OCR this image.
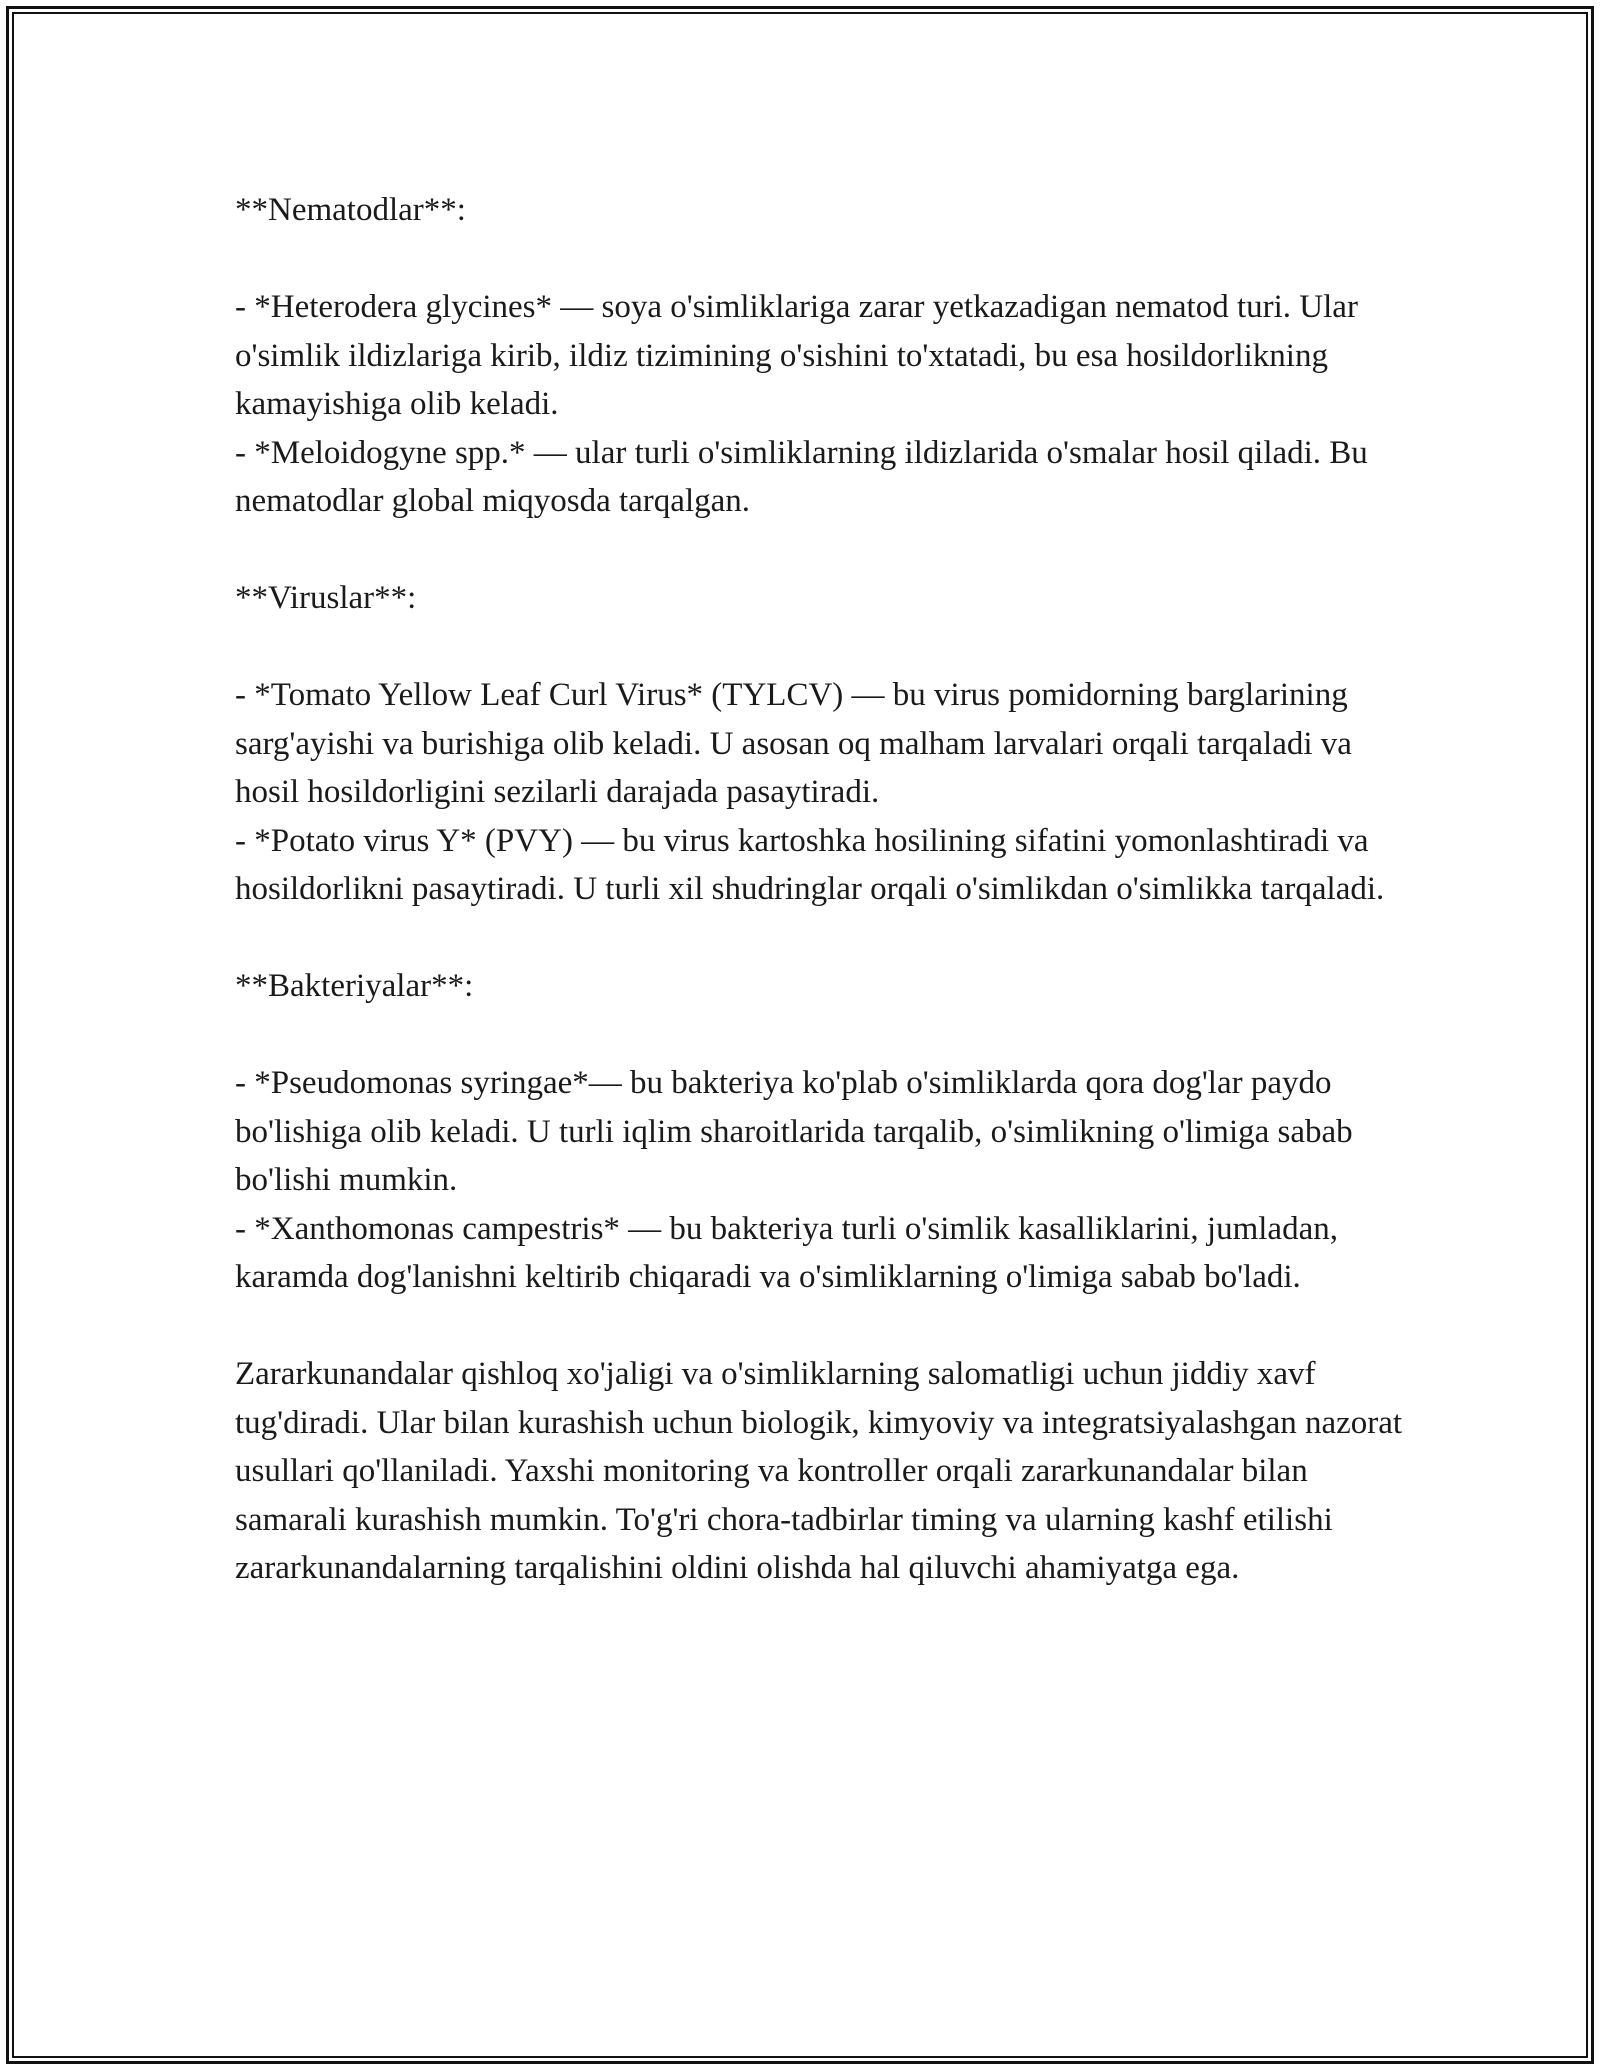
**Nematodlar**:

- *Heterodera glycines* — soya o'simliklariga zarar yetkazadigan nematod turi. Ular o'simlik ildizlariga kirib, ildiz tizimining o'sishini to'xtatadi, bu esa hosildorlikning kamayishiga olib keladi.

- *Meloidogyne spp.* — ular turli o'simliklarning ildizlarida o'smalar hosil qiladi. Bu nematodlar global miqyosda tarqalgan.

**Viruslar**:

- *Tomato Yellow Leaf Curl Virus* (TYLCV) — bu virus pomidorning barglarining sarg'ayishi va burishiga olib keladi. U asosan oq malham larvalari orqali tarqaladi va hosil hosildorligini sezilarli darajada pasaytiradi.

- *Potato virus Y* (PVY) — bu virus kartoshka hosilining sifatini yomonlashtiradi va hosildorlikni pasaytiradi. U turli xil shudringlar orqali o'simlikdan o'simlikka tarqaladi.

**Bakteriyalar**:

- *Pseudomonas syringae*— bu bakteriya ko'plab o'simliklarda qora dog'lar paydo bo'lishiga olib keladi. U turli iqlim sharoitlarida tarqalib, o'simlikning o'limiga sabab bo'lishi mumkin.

- *Xanthomonas campestris* — bu bakteriya turli o'simlik kasalliklarini, jumladan, karamda dog'lanishni keltirib chiqaradi va o'simliklarning o'limiga sabab bo'ladi.

Zararkunandalar qishloq xo'jaligi va o'simliklarning salomatligi uchun jiddiy xavf tug'diradi. Ular bilan kurashish uchun biologik, kimyoviy va integratsiyalashgan nazorat usullari qo'llaniladi. Yaxshi monitoring va kontroller orqali zararkunandalar bilan samarali kurashish mumkin. To'g'ri chora-tadbirlar timing va ularning kashf etilishi zararkunandalarning tarqalishini oldini olishda hal qiluvchi ahamiyatga ega.
